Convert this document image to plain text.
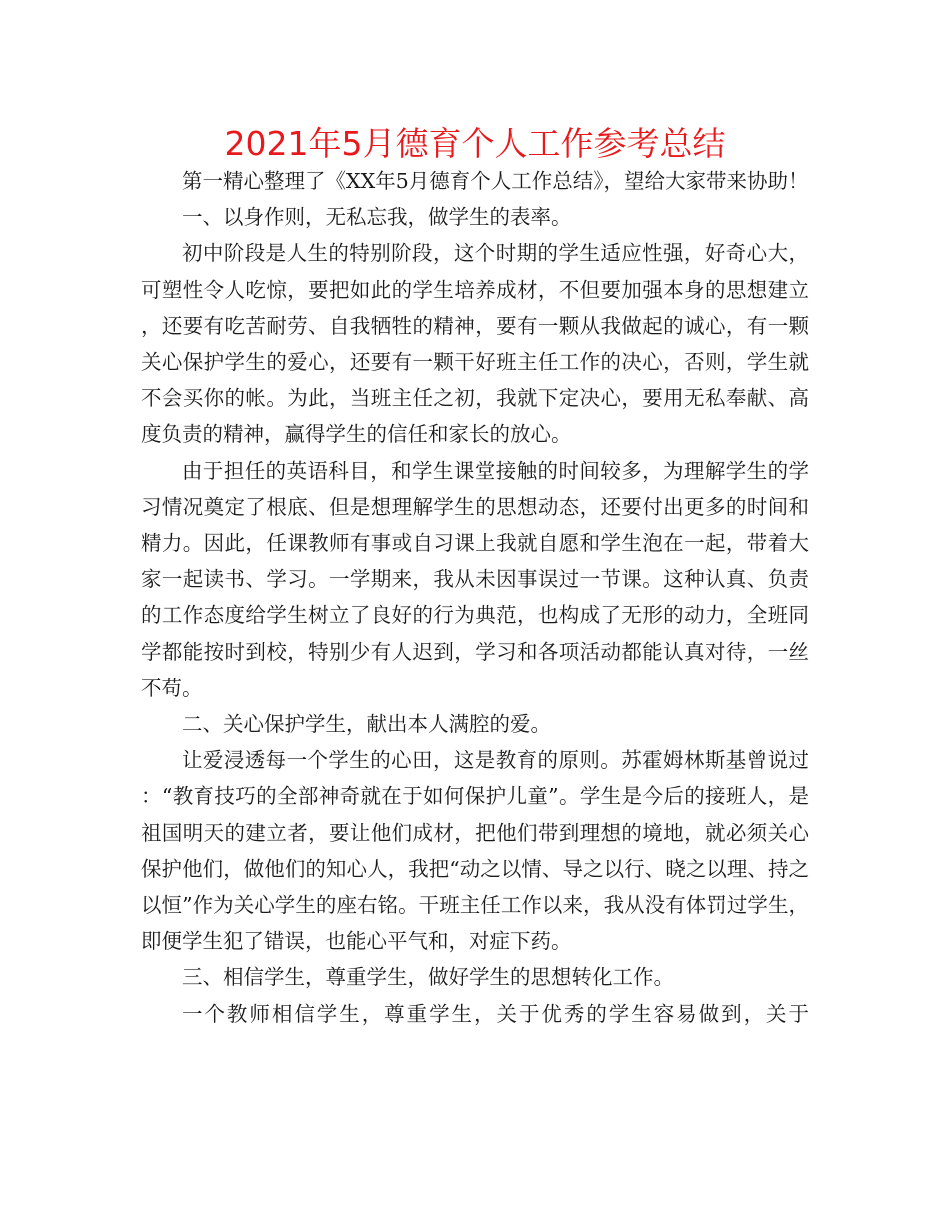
2021年5月德育个人工作参考总结

第一精心整理了《XX年5月德育个人工作总结》，望给大家带来协助！

一、以身作则，无私忘我，做学生的表率。

初中阶段是人生的特别阶段，这个时期的学生适应性强，好奇心大，可塑性令人吃惊，要把如此的学生培养成材，不但要加强本身的思想建立，还要有吃苦耐劳、自我牺牲的精神，要有一颗从我做起的诚心，有一颗关心保护学生的爱心，还要有一颗干好班主任工作的决心，否则，学生就不会买你的帐。为此，当班主任之初，我就下定决心，要用无私奉献、高度负责的精神，赢得学生的信任和家长的放心。

由于担任的英语科目，和学生课堂接触的时间较多，为理解学生的学习情况奠定了根底、但是想理解学生的思想动态，还要付出更多的时间和精力。因此，任课教师有事或自习课上我就自愿和学生泡在一起，带着大家一起读书、学习。一学期来，我从未因事误过一节课。这种认真、负责的工作态度给学生树立了良好的行为典范，也构成了无形的动力，全班同学都能按时到校，特别少有人迟到，学习和各项活动都能认真对待，一丝不苟。

二、关心保护学生，献出本人满腔的爱。

让爱浸透每一个学生的心田，这是教育的原则。苏霍姆林斯基曾说过：“教育技巧的全部神奇就在于如何保护儿童”。学生是今后的接班人，是祖国明天的建立者，要让他们成材，把他们带到理想的境地，就必须关心保护他们，做他们的知心人，我把“动之以情、导之以行、晓之以理、持之以恒”作为关心学生的座右铭。干班主任工作以来，我从没有体罚过学生，即便学生犯了错误，也能心平气和，对症下药。

三、相信学生，尊重学生，做好学生的思想转化工作。

一个教师相信学生，尊重学生，关于优秀的学生容易做到，关于
